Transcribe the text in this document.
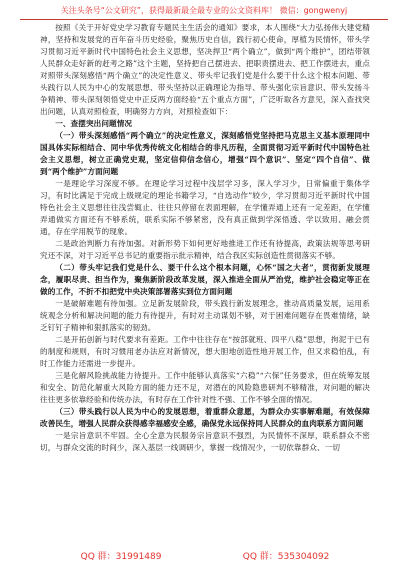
关注头条号“公文研究”，获得最新最全最专业的公文资料库！ 微信：gongwenyj

按照《关于开好党史学习教育专题民主生活会的通知》要求，本人围绕“大力弘扬伟大建党精神，坚持和发展党的百年奋斗历史经验，聚焦历史自信，践行初心使命，厚植为民情怀，带头学习贯彻习近平新时代中国特色社会主义思想，坚决捍卫“两个确立”，做到“两个维护”，团结带领人民群众走好新的赶考之路”这个主题，坚持把自己摆进去、把职责摆进去、把工作摆进去，重点对照带头深刻感悟“两个确立”的决定性意义、带头牢记我们党是什么要干什么这个根本问题、带头践行以人民为中心的发展思想、带头坚持以正确理论为指导、带头强化宗旨意识、带头发扬斗争精神、带头深刻领悟党史中正反两方面经验“五个重点方面”，广泛听取各方意见，深入查找突出问题，认真对照检查，明确努力方向，对照检查如下：

一、查摆突出问题情况

（一）带头深刻感悟“两个确立”的决定性意义，深刻感悟党坚持把马克思主义基本原理同中国具体实际相结合、同中华优秀传统文化相结合的非凡历程，全面贯彻习近平新时代中国特色社会主义思想，树立正确党史观，坚定信仰信念信心，增强“四个意识”、坚定“四个自信”、做到“两个维护”方面问题

一是理论学习深度不够。在理论学习过程中浅层学习多，深入学习少，日常偏重于集体学习，有时比满足于完成上级规定的理论书籍学习，“自选动作”较少，学习贯彻习近平新时代中国特色社会主义思想往往浅尝辄止、往往只停留在表面理解，在学懂弄通上还有一定差距，在学懂弄通做实方面还有不够系统，联系实际不够紧密，没有真正做到学深悟透、学以致用、融会贯通，存在学用脱节的现象。

二是政治判断力有待加强。对新形势下如何更好地推进工作还有待提高，政策法规等思考研究还不深，对于习近平总书记的重要指示批示精神，结合我区实际创造性贯彻落实不够。

（二）带头牢记我们党是什么、要干什么这个根本问题，心怀“国之大者”，贯彻新发展理念，履职尽责、担当作为，聚焦新阶段改革发展，深入推进全面从严治党，维护社会稳定等正在做的工作，不折不扣把党中央决策部署落实到位方面问题

一是破解难题有待加强。立足新发展阶段，带头践行新发展理念，推动高质量发展，运用系统观念分析和解决问题的能力有待提升，有时对主动谋划不够，对于困难问题存在畏难情绪，缺乏钉钉子精神和狠抓落实的韧劲。

二是开拓创新与时代要求有差距。工作中往往存在“按部就班、四平八稳”思想，拘泥于已有的制度和规则，有时习惯用老办法应对新情况，想大胆地创造性地开展工作，但又求稳怕乱，有时工作能力还需进一步提升。

三是化解风险挑战能力待提升。工作中能够认真落实“六稳”“六保”任务要求，但在统筹发展和安全、防范化解重大风险方面的能力还不足，对潜在的风险隐患研判不够精准，对问题的解决往往更多依靠经验和传统办法，有时存在工作针对性不强、工作不够全面的情况。

（三）带头践行以人民为中心的发展思想，着重群众意愿，为群众办实事解难题，有效保障改善民生，增强人民群众获得感幸福感安全感，确保党永远保持同人民群众的血肉联系方面问题

一是宗旨意识不牢固。全心全意为民服务宗旨意识不强烈，为民情怀不深厚，联系群众不密切，与群众交流的时间少，深入基层一线调研少，掌握一线情况少，一切依靠群众、一切

QQ 群：31991489	QQ 群：535304092
